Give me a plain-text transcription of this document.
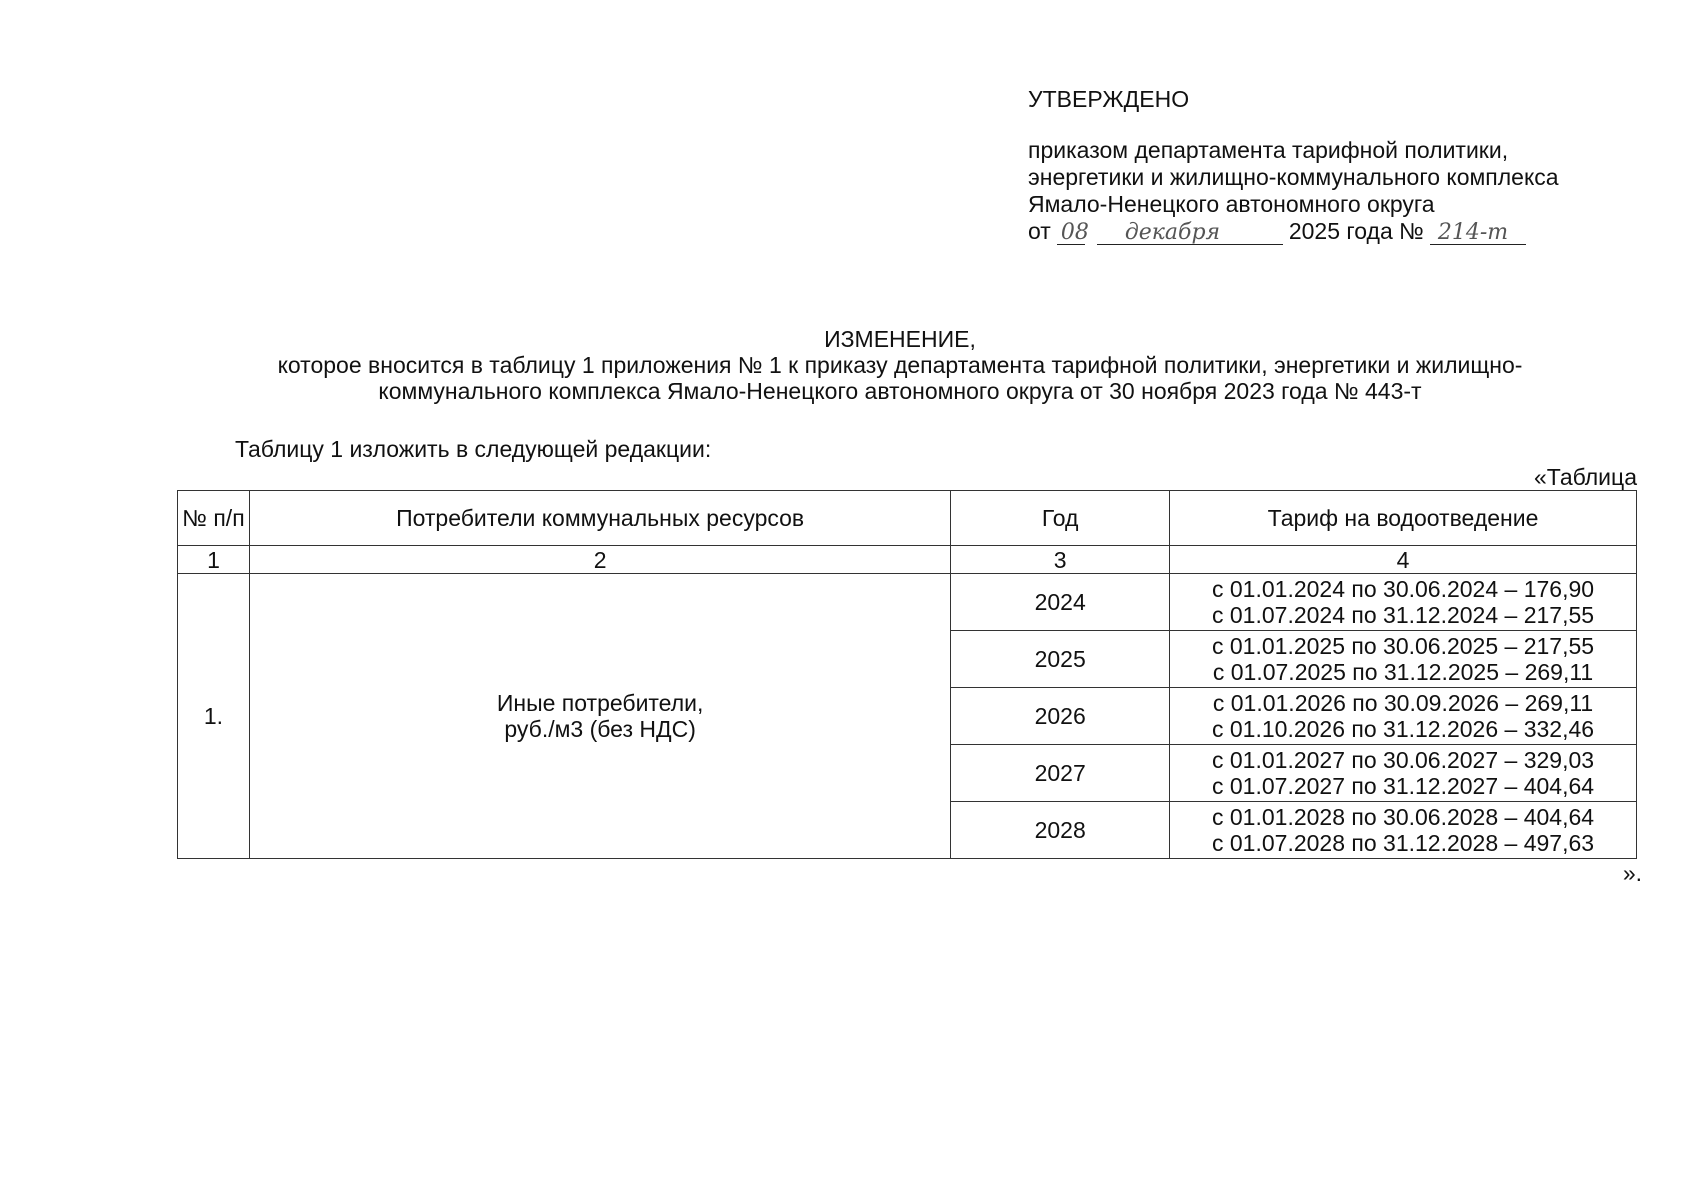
УТВЕРЖДЕНО
приказом департамента тарифной политики,
энергетики и жилищно-коммунального комплекса
Ямало-Ненецкого автономного округа
от 08 декабря	2025 года № 214-т
ИЗМЕНЕНИЕ,
которое вносится в таблицу 1 приложения № 1 к приказу департамента тарифной политики, энергетики и жилищно-коммунального комплекса Ямало-Ненецкого автономного округа от 30 ноября 2023 года № 443-т
Таблицу 1 изложить в следующей редакции:
«Таблица
№ п/п	Потребители коммунальных ресурсов	Год	Тариф на водоотведение
1	2	3	4
1.	Иные потребители,
руб./м3 (без НДС)	2024	с 01.01.2024 по 30.06.2024 – 176,90
с 01.07.2024 по 31.12.2024 – 217,55

		2025	с 01.01.2025 по 30.06.2025 – 217,55
с 01.07.2025 по 31.12.2025 – 269,11

		2026	с 01.01.2026 по 30.09.2026 – 269,11
с 01.10.2026 по 31.12.2026 – 332,46

		2027	с 01.01.2027 по 30.06.2027 – 329,03
с 01.07.2027 по 31.12.2027 – 404,64

		2028	с 01.01.2028 по 30.06.2028 – 404,64
с 01.07.2028 по 31.12.2028 – 497,63
».
